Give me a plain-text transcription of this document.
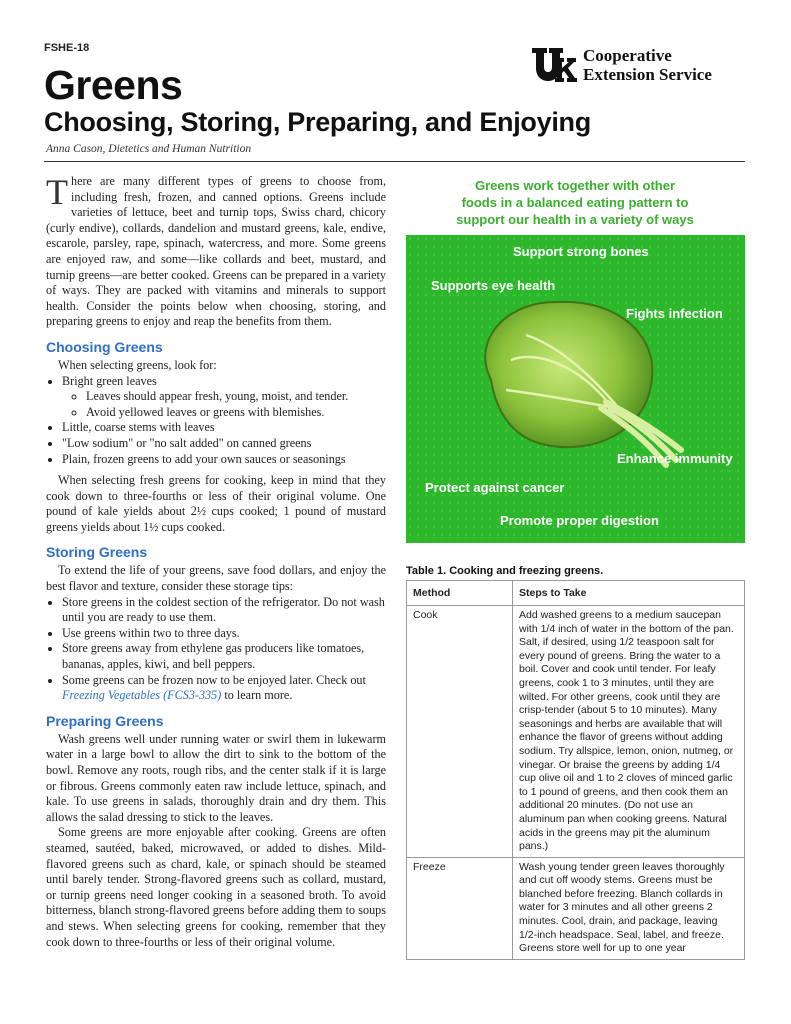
FSHE-18
Greens
Choosing, Storing, Preparing, and Enjoying
Anna Cason, Dietetics and Human Nutrition
Cooperative
Extension Service

There are many different types of greens to choose from, including fresh, frozen, and canned options. Greens include varieties of lettuce, beet and turnip tops, Swiss chard, chicory (curly endive), collards, dandelion and mustard greens, kale, endive, escarole, parsley, rape, spinach, watercress, and more. Some greens are enjoyed raw, and some—like collards and beet, mustard, and turnip greens—are better cooked. Greens can be prepared in a variety of ways. They are packed with vitamins and minerals to support health. Consider the points below when choosing, storing, and preparing greens to enjoy and reap the benefits from them.

Choosing Greens

When selecting greens, look for:

• Bright green leaves
◦ Leaves should appear fresh, young, moist, and tender.
◦ Avoid yellowed leaves or greens with blemishes.
• Little, coarse stems with leaves
• "Low sodium" or "no salt added" on canned greens
• Plain, frozen greens to add your own sauces or seasonings

When selecting fresh greens for cooking, keep in mind that they cook down to three-fourths or less of their original volume. One pound of kale yields about 2½ cups cooked; 1 pound of mustard greens yields about 1½ cups cooked.

Storing Greens

To extend the life of your greens, save food dollars, and enjoy the best flavor and texture, consider these storage tips:

• Store greens in the coldest section of the refrigerator. Do not wash until you are ready to use them.
• Use greens within two to three days.
• Store greens away from ethylene gas producers like tomatoes, bananas, apples, kiwi, and bell peppers.
• Some greens can be frozen now to be enjoyed later. Check out Freezing Vegetables (FCS3-335) to learn more.
Preparing Greens

Wash greens well under running water or swirl them in lukewarm water in a large bowl to allow the dirt to sink to the bottom of the bowl. Remove any roots, rough ribs, and the center stalk if it is large or fibrous. Greens commonly eaten raw include lettuce, spinach, and kale. To use greens in salads, thoroughly drain and dry them. This allows the salad dressing to stick to the leaves.

Some greens are more enjoyable after cooking. Greens are often steamed, sautéed, baked, microwaved, or added to dishes. Mild-flavored greens such as chard, kale, or spinach should be steamed until barely tender. Strong-flavored greens such as collard, mustard, or turnip greens need longer cooking in a seasoned broth. To avoid bitterness, blanch strong-flavored greens before adding them to soups and stews. When selecting greens for cooking, remember that they cook down to three-fourths or less of their original volume.

Greens work together with other
foods in a balanced eating pattern to
support our health in a variety of ways
Support strong bones
Supports eye health
Fights infection
Enhance immunity
Protect against cancer
Promote proper digestion
Table 1. Cooking and freezing greens.
Method	Steps to Take
Cook	Add washed greens to a medium saucepan with 1/4 inch of water in the bottom of the pan. Salt, if desired, using 1/2 teaspoon salt for every pound of greens. Bring the water to a boil. Cover and cook until tender. For leafy greens, cook 1 to 3 minutes, until they are wilted. For other greens, cook until they are crisp-tender (about 5 to 10 minutes). Many seasonings and herbs are available that will enhance the flavor of greens without adding sodium. Try allspice, lemon, onion, nutmeg, or vinegar. Or braise the greens by adding 1/4 cup olive oil and 1 to 2 cloves of minced garlic to 1 pound of greens, and then cook them an additional 20 minutes. (Do not use an aluminum pan when cooking greens. Natural acids in the greens may pit the aluminum pans.)
Freeze	Wash young tender green leaves thoroughly and cut off woody stems. Greens must be blanched before freezing. Blanch collards in water for 3 minutes and all other greens 2 minutes. Cool, drain, and package, leaving 1/2-inch headspace. Seal, label, and freeze. Greens store well for up to one year
